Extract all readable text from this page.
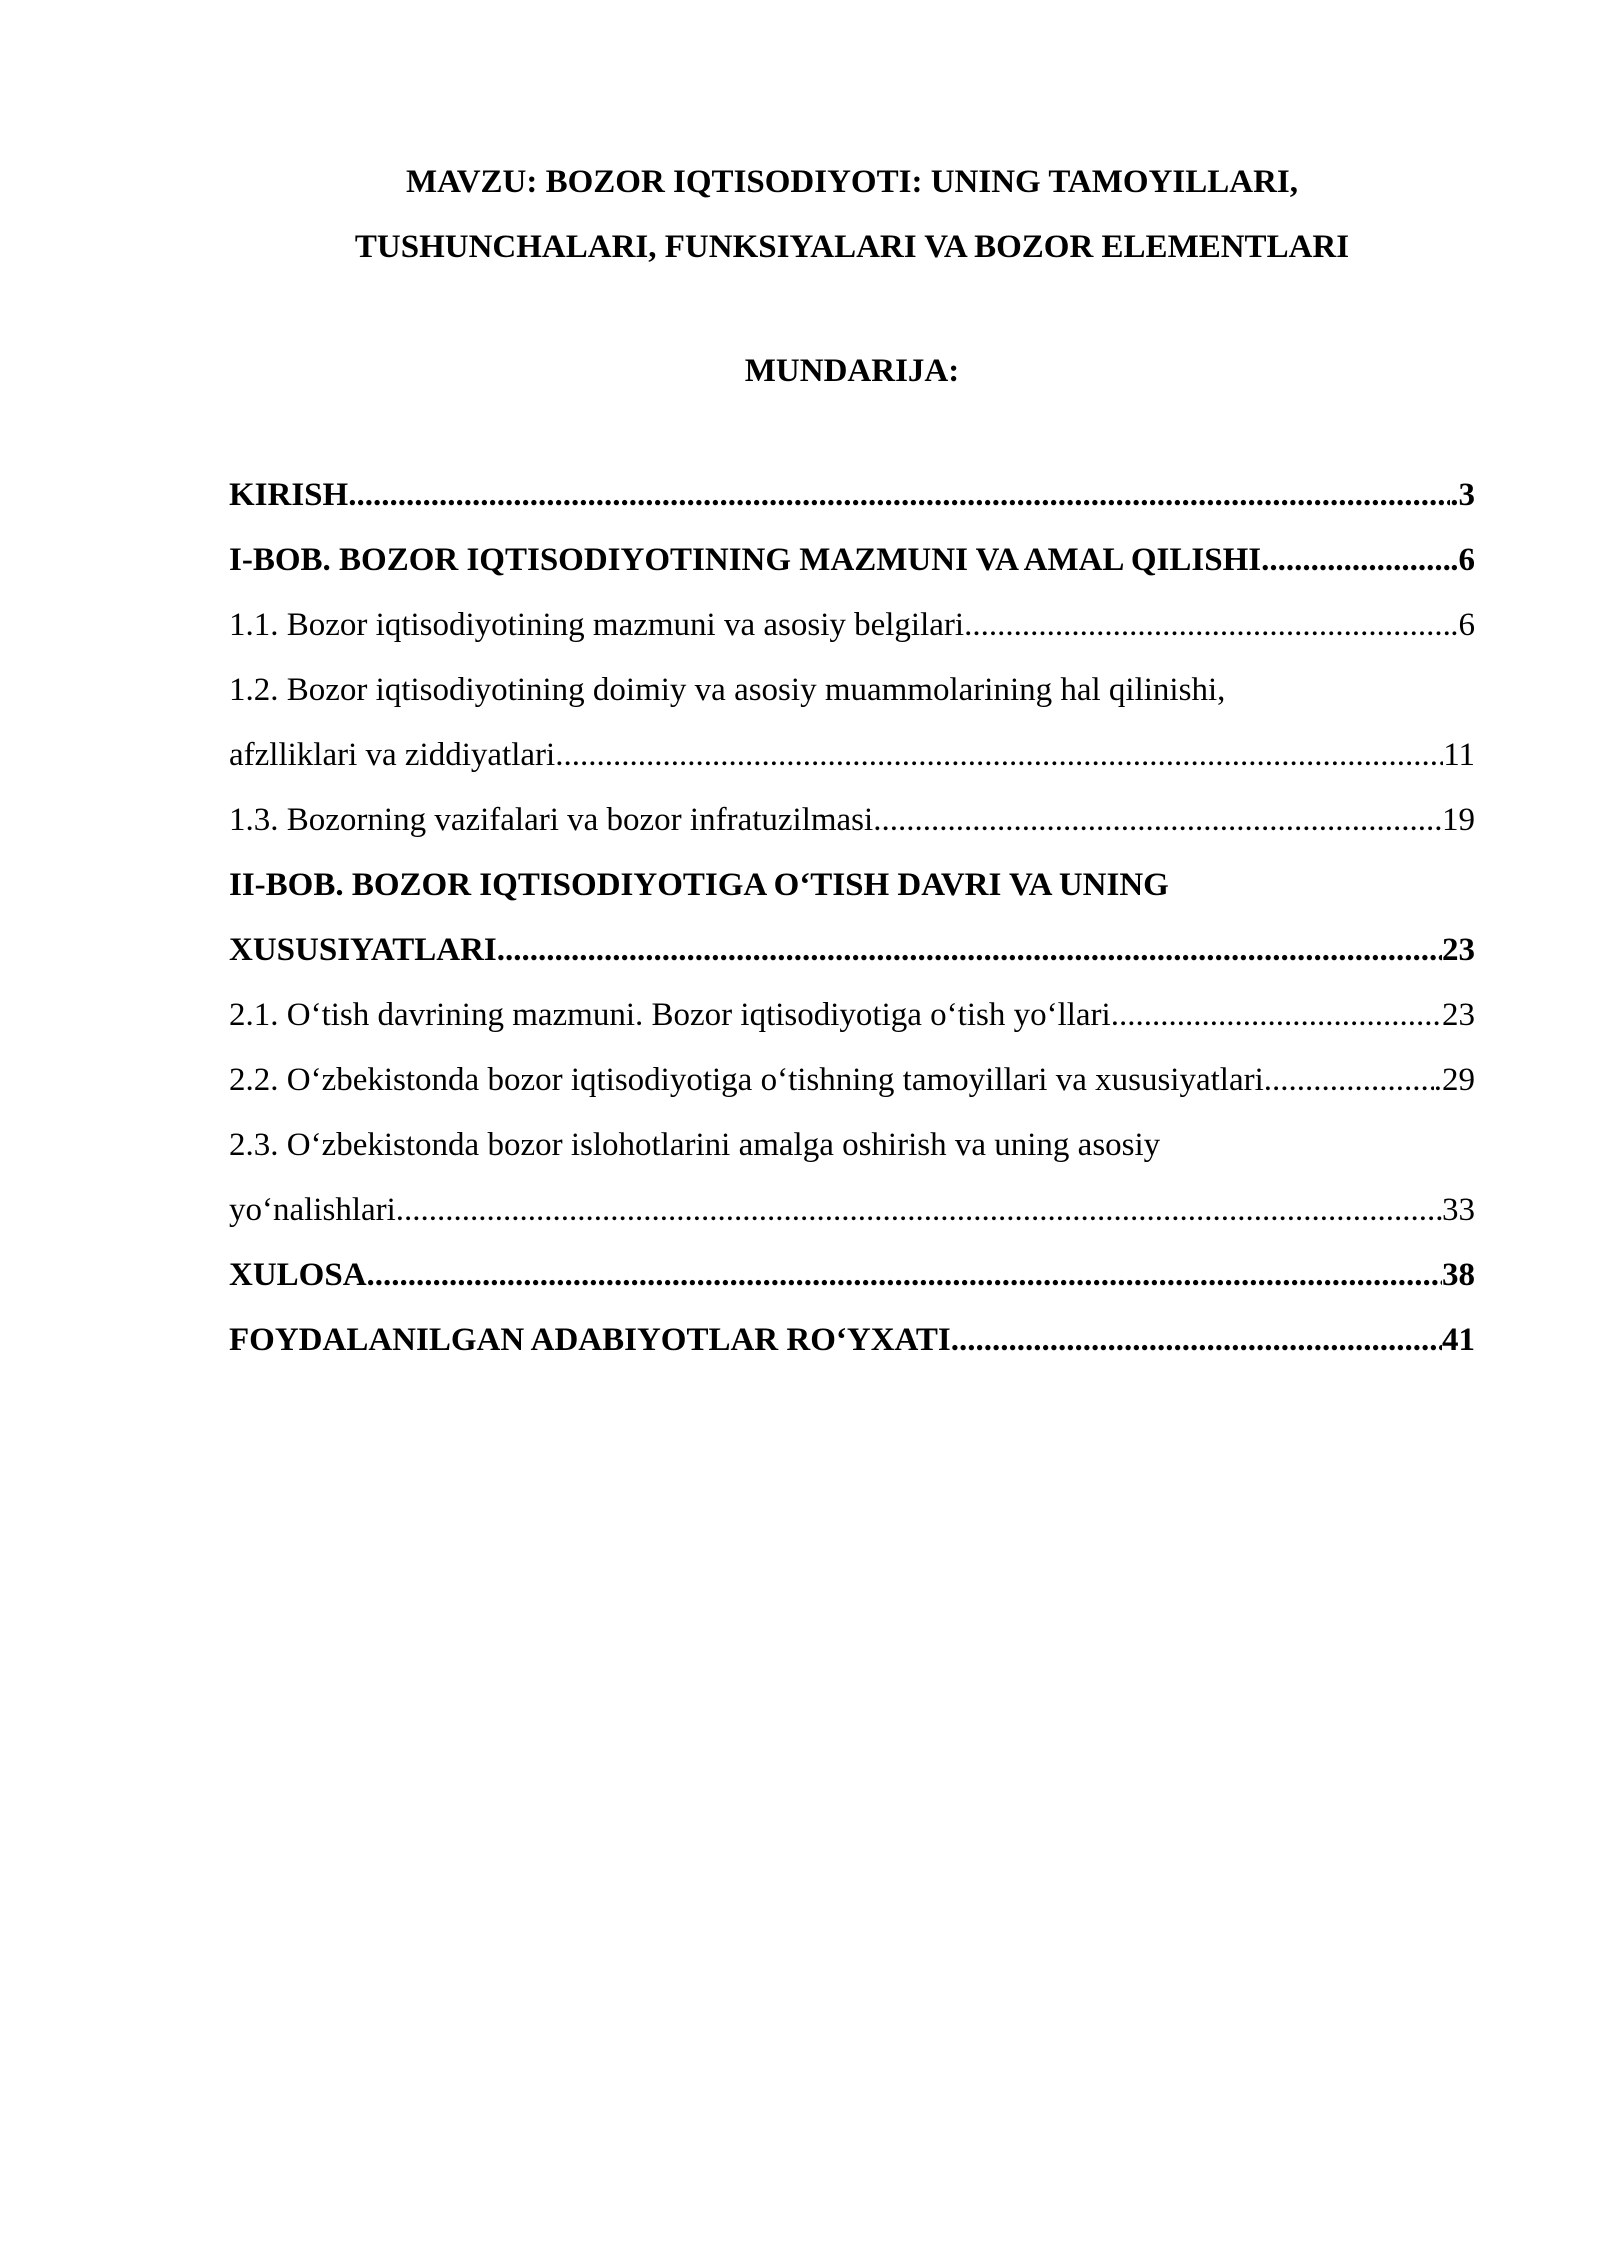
MAVZU: BOZOR IQTISODIYOTI: UNING TAMOYILLARI,
TUSHUNCHALARI, FUNKSIYALARI VA BOZOR ELEMENTLARI
MUNDARIJA:
KIRISH .....	.3
I-BOB. BOZOR IQTISODIYOTINING MAZMUNI VA AMAL QILISHI. .....	.6
1.1. Bozor iqtisodiyotining mazmuni va asosiy belgilari .....	.6
1.2. Bozor iqtisodiyotining doimiy va asosiy muammolarining hal qilinishi,
afzlliklari va ziddiyatlari .....	11
1.3. Bozorning vazifalari va bozor infratuzilmasi .....	19
II-BOB. BOZOR IQTISODIYOTIGA O‘TISH DAVRI VA UNING
XUSUSIYATLARI .....	23
2.1. O‘tish davrining mazmuni. Bozor iqtisodiyotiga o‘tish yo‘llari .....	23
2.2. O‘zbekistonda bozor iqtisodiyotiga o‘tishning tamoyillari va xususiyatlari. .....	.29
2.3. O‘zbekistonda bozor islohotlarini amalga oshirish va uning asosiy
yo‘nalishlari .....	33
XULOSA .....	38
FOYDALANILGAN ADABIYOTLAR RO‘YXATI .....	41
